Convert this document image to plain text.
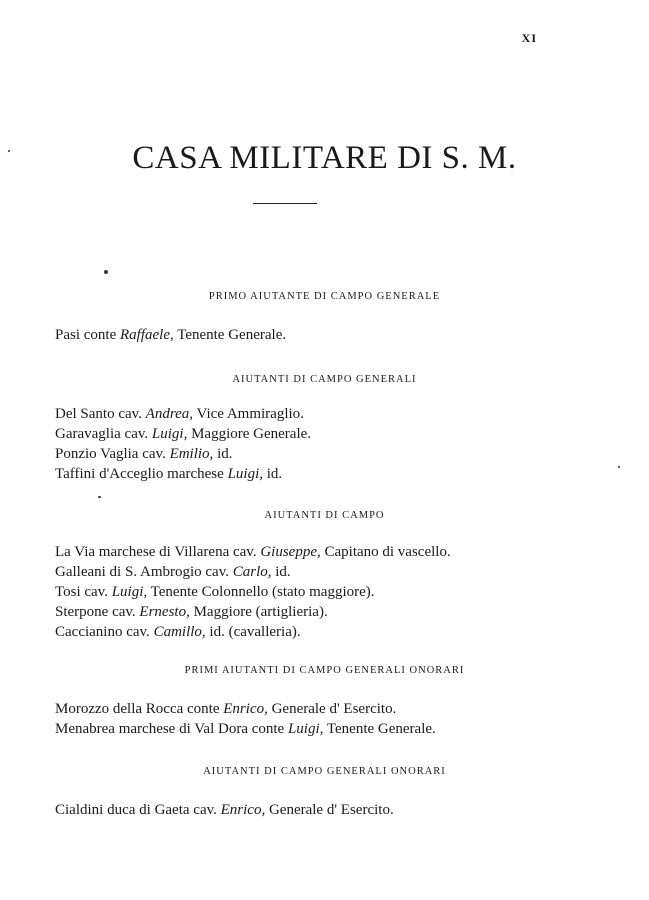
XI
CASA MILITARE DI S. M.
PRIMO AIUTANTE DI CAMPO GENERALE
Pasi conte Raffaele, Tenente Generale.
AIUTANTI DI CAMPO GENERALI
Del Santo cav. Andrea, Vice Ammiraglio.
Garavaglia cav. Luigi, Maggiore Generale.
Ponzio Vaglia cav. Emilio, id.
Taffini d'Acceglio marchese Luigi, id.
AIUTANTI DI CAMPO
La Via marchese di Villarena cav. Giuseppe, Capitano di vascello.
Galleani di S. Ambrogio cav. Carlo, id.
Tosi cav. Luigi, Tenente Colonnello (stato maggiore).
Sterpone cav. Ernesto, Maggiore (artiglieria).
Caccianino cav. Camillo, id. (cavalleria).
PRIMI AIUTANTI DI CAMPO GENERALI ONORARI
Morozzo della Rocca conte Enrico, Generale d' Esercito.
Menabrea marchese di Val Dora conte Luigi, Tenente Generale.
AIUTANTI DI CAMPO GENERALI ONORARI
Cialdini duca di Gaeta cav. Enrico, Generale d' Esercito.
